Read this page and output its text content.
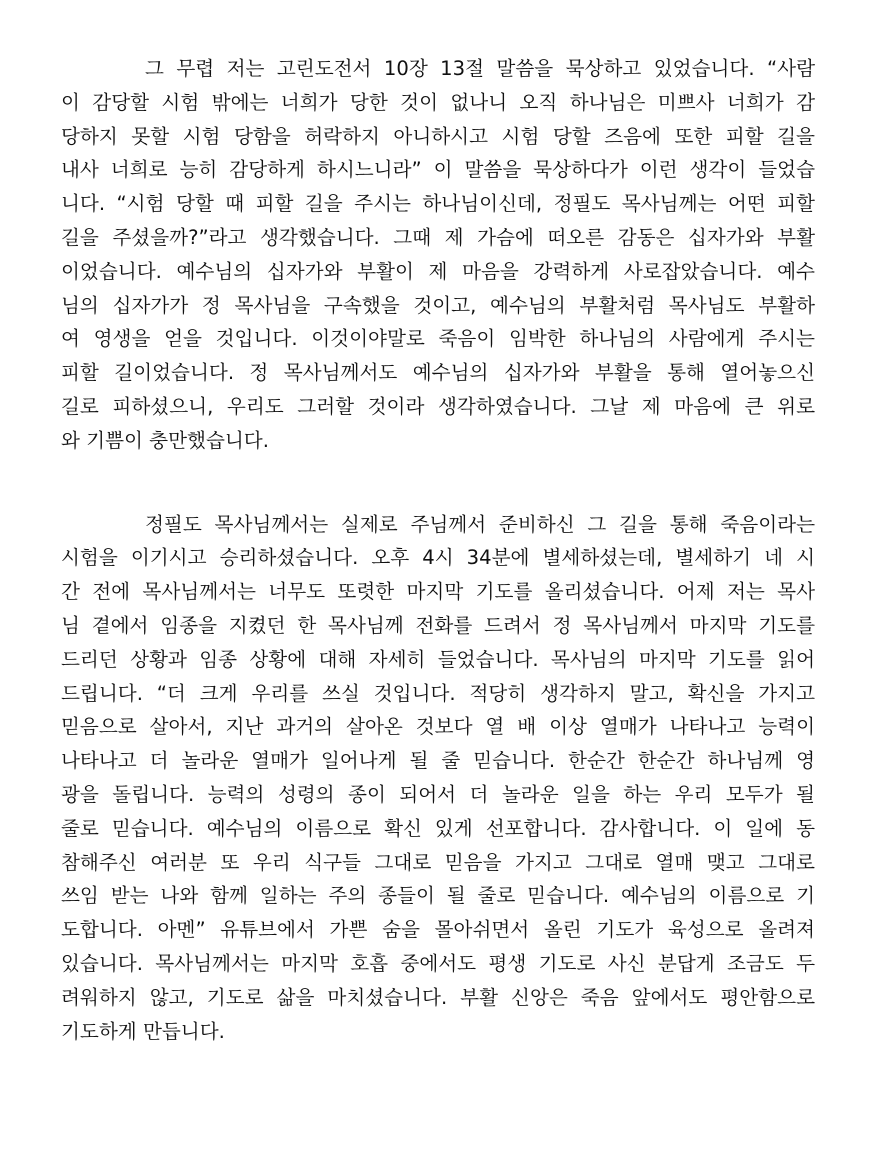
그 무렵 저는 고린도전서 10장 13절 말씀을 묵상하고 있었습니다. “사람
이 감당할 시험 밖에는 너희가 당한 것이 없나니 오직 하나님은 미쁘사 너희가 감
당하지 못할 시험 당함을 허락하지 아니하시고 시험 당할 즈음에 또한 피할 길을
내사 너희로 능히 감당하게 하시느니라” 이 말씀을 묵상하다가 이런 생각이 들었습
니다. “시험 당할 때 피할 길을 주시는 하나님이신데, 정필도 목사님께는 어떤 피할
길을 주셨을까?”라고 생각했습니다. 그때 제 가슴에 떠오른 감동은 십자가와 부활
이었습니다. 예수님의 십자가와 부활이 제 마음을 강력하게 사로잡았습니다. 예수
님의 십자가가 정 목사님을 구속했을 것이고, 예수님의 부활처럼 목사님도 부활하
여 영생을 얻을 것입니다. 이것이야말로 죽음이 임박한 하나님의 사람에게 주시는
피할 길이었습니다. 정 목사님께서도 예수님의 십자가와 부활을 통해 열어놓으신
길로 피하셨으니, 우리도 그러할 것이라 생각하였습니다. 그날 제 마음에 큰 위로
와 기쁨이 충만했습니다.

정필도 목사님께서는 실제로 주님께서 준비하신 그 길을 통해 죽음이라는
시험을 이기시고 승리하셨습니다. 오후 4시 34분에 별세하셨는데, 별세하기 네 시
간 전에 목사님께서는 너무도 또렷한 마지막 기도를 올리셨습니다. 어제 저는 목사
님 곁에서 임종을 지켰던 한 목사님께 전화를 드려서 정 목사님께서 마지막 기도를
드리던 상황과 임종 상황에 대해 자세히 들었습니다. 목사님의 마지막 기도를 읽어
드립니다. “더 크게 우리를 쓰실 것입니다. 적당히 생각하지 말고, 확신을 가지고
믿음으로 살아서, 지난 과거의 살아온 것보다 열 배 이상 열매가 나타나고 능력이
나타나고 더 놀라운 열매가 일어나게 될 줄 믿습니다. 한순간 한순간 하나님께 영
광을 돌립니다. 능력의 성령의 종이 되어서 더 놀라운 일을 하는 우리 모두가 될
줄로 믿습니다. 예수님의 이름으로 확신 있게 선포합니다. 감사합니다. 이 일에 동
참해주신 여러분 또 우리 식구들 그대로 믿음을 가지고 그대로 열매 맺고 그대로
쓰임 받는 나와 함께 일하는 주의 종들이 될 줄로 믿습니다. 예수님의 이름으로 기
도합니다. 아멘” 유튜브에서 가쁜 숨을 몰아쉬면서 올린 기도가 육성으로 올려져
있습니다. 목사님께서는 마지막 호흡 중에서도 평생 기도로 사신 분답게 조금도 두
려워하지 않고, 기도로 삶을 마치셨습니다. 부활 신앙은 죽음 앞에서도 평안함으로
기도하게 만듭니다.
